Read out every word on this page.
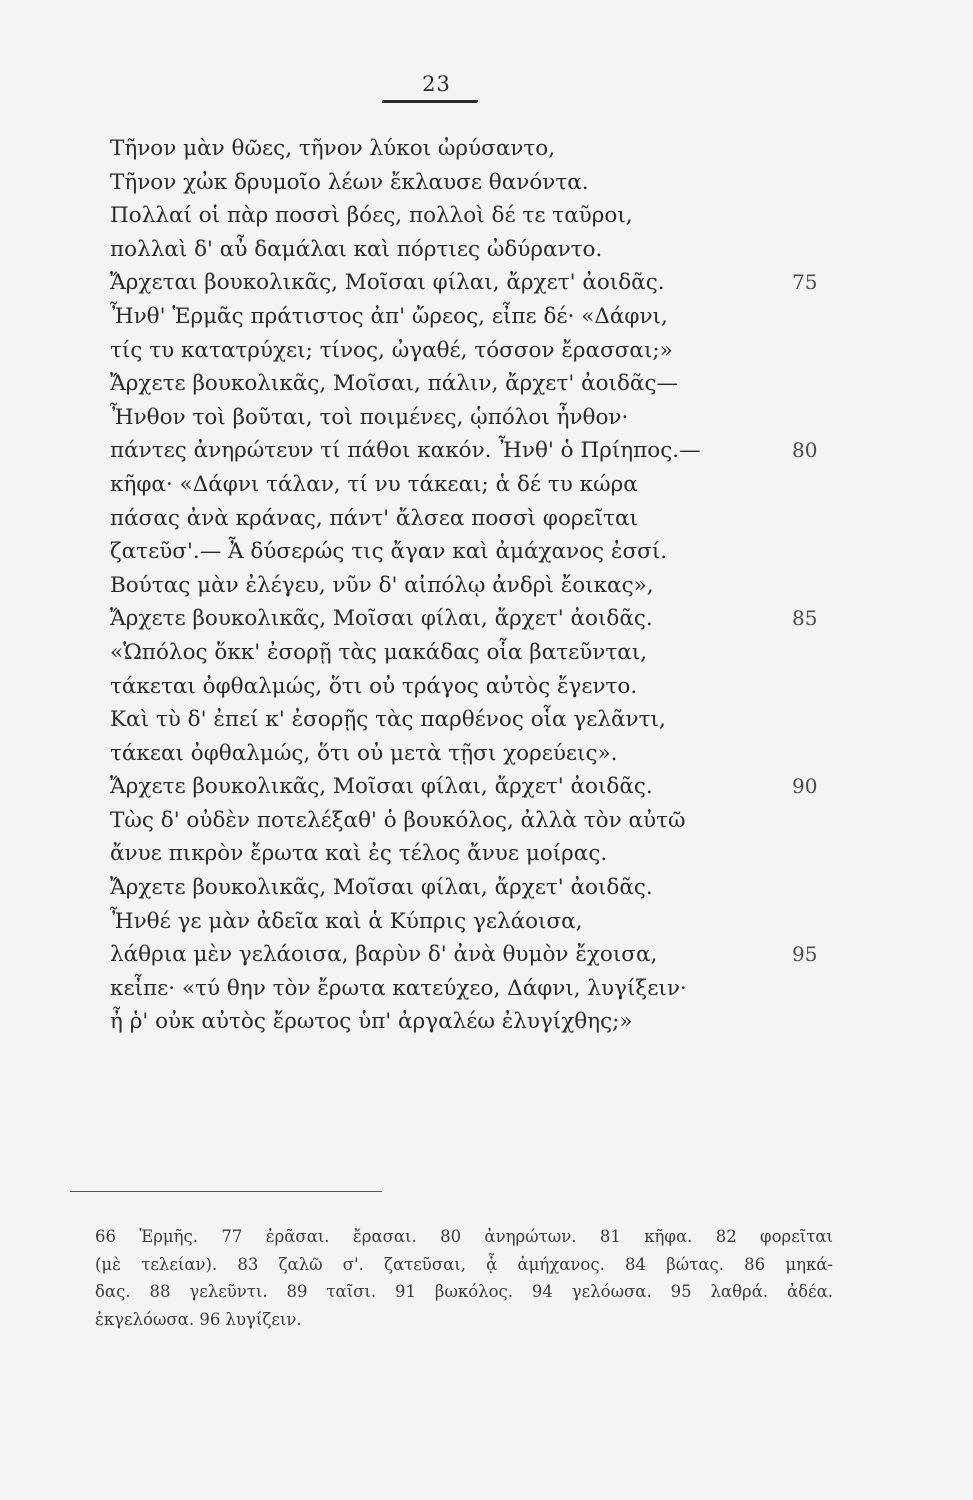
23
Τῆνον μὰν θῶες, τῆνον λύκοι ὠρύσαντο,
Τῆνον χὠκ δρυμοῖο λέων ἔκλαυσε θανόντα.
Πολλαί οἱ πὰρ ποσσὶ βόες, πολλοὶ δέ τε ταῦροι,
πολλαὶ δ' αὖ δαμάλαι καὶ πόρτιες ὠδύραντο.
Ἄρχεται βουκολικᾶς, Μοῖσαι φίλαι, ἄρχετ' ἀοιδᾶς.	75
Ἦνθ' Ἑρμᾶς πράτιστος ἀπ' ὤρεος, εἶπε δέ· «Δάφνι,
τίς τυ κατατρύχει; τίνος, ὠγαθέ, τόσσον ἔρασσαι;»
Ἄρχετε βουκολικᾶς, Μοῖσαι, πάλιν, ἄρχετ' ἀοιδᾶς—
Ἦνθον τοὶ βοῦται, τοὶ ποιμένες, ᾡπόλοι ἦνθον·
πάντες ἀνηρώτευν τί πάθοι κακόν. Ἦνθ' ὁ Πρίηπος.—	80
κῆφα· «Δάφνι τάλαν, τί νυ τάκεαι; ἁ δέ τυ κώρα
πάσας ἀνὰ κράνας, πάντ' ἄλσεα ποσσὶ φορεῖται
ζατεῦσ'.— Ἆ δύσερώς τις ἄγαν καὶ ἀμάχανος ἐσσί.
Βούτας μὰν ἐλέγευ, νῦν δ' αἰπόλῳ ἀνδρὶ ἔοικας»,
Ἄρχετε βουκολικᾶς, Μοῖσαι φίλαι, ἄρχετ' ἀοιδᾶς.	85
«Ὡπόλος ὅκκ' ἐσορῇ τὰς μακάδας οἷα βατεῦνται,
τάκεται ὀφθαλμώς, ὅτι οὐ τράγος αὐτὸς ἔγεντο.
Καὶ τὺ δ' ἐπεί κ' ἐσορῇς τὰς παρθένος οἷα γελᾶντι,
τάκεαι ὀφθαλμώς, ὅτι οὐ μετὰ τῇσι χορεύεις».
Ἄρχετε βουκολικᾶς, Μοῖσαι φίλαι, ἄρχετ' ἀοιδᾶς.	90
Τὼς δ' οὐδὲν ποτελέξαθ' ὁ βουκόλος, ἀλλὰ τὸν αὐτῶ
ἄνυε πικρὸν ἔρωτα καὶ ἐς τέλος ἄνυε μοίρας.
Ἄρχετε βουκολικᾶς, Μοῖσαι φίλαι, ἄρχετ' ἀοιδᾶς.
Ἦνθέ γε μὰν ἀδεῖα καὶ ἁ Κύπρις γελάοισα,
λάθρια μὲν γελάοισα, βαρὺν δ' ἀνὰ θυμὸν ἔχοισα,	95
κεἶπε· «τύ θην τὸν ἔρωτα κατεύχεο, Δάφνι, λυγίξειν·
ἦ ῥ' οὐκ αὐτὸς ἔρωτος ὑπ' ἀργαλέω ἐλυγίχθης;»
66 Ἑρμῆς. 77 ἐρᾶσαι. ἔρασαι. 80 ἀνηρώτων. 81 κῆφα. 82 φορεῖται
(μὲ τελείαν). 83 ζαλῶ σ'. ζατεῦσαι, ᾇ ἀμήχανος. 84 βώτας. 86 μηκά-
δας. 88 γελεῦντι. 89 ταῖσι. 91 βωκόλος. 94 γελόωσα. 95 λαθρά. ἀδέα.
ἐκγελόωσα. 96 λυγίζειν.
